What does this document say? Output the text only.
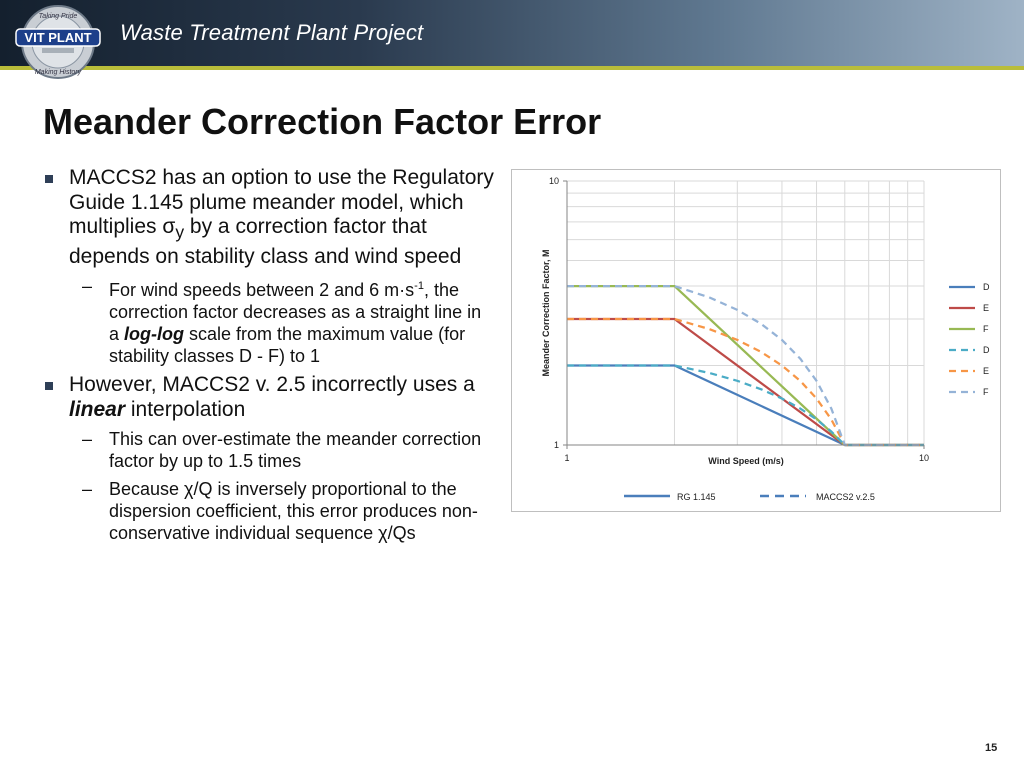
Taking Pride
Making History
VIT PLANT Waste Treatment Plant Project
Meander Correction Factor Error
MACCS2 has an option to use the Regulatory Guide 1.145 plume meander model, which multiplies $\sigma_y$ by a correction factor that depends on stability class and wind speed
– For wind speeds between 2 and 6 $m\cdot s^{-1}$, the correction factor decreases as a straight line in a log-log scale from the maximum value (for stability classes D - F) to 1
However, MACCS2 v. 2.5 incorrectly uses a linear interpolation
– This can over-estimate the meander correction factor by up to 1.5 times
– Because χ/Q is inversely proportional to the dispersion coefficient, this error produces non-conservative individual sequence χ/Qs
1
10
1	10
Wind Speed (m/s)
Meander Correction Factor, M	D
E
F
D
E
F
RG 1.145	MACCS2 v.2.5
15
